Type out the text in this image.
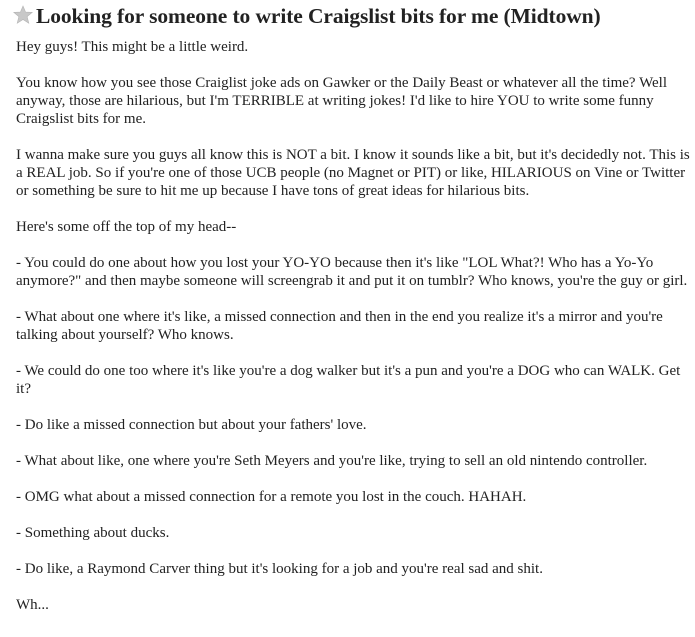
Looking for someone to write Craigslist bits for me (Midtown)

Hey guys! This might be a little weird.

You know how you see those Craiglist joke ads on Gawker or the Daily Beast or whatever all the time? Well anyway, those are hilarious, but I'm TERRIBLE at writing jokes! I'd like to hire YOU to write some funny Craigslist bits for me.

I wanna make sure you guys all know this is NOT a bit. I know it sounds like a bit, but it's decidedly not. This is a REAL job. So if you're one of those UCB people (no Magnet or PIT) or like, HILARIOUS on Vine or Twitter or something be sure to hit me up because I have tons of great ideas for hilarious bits.

Here's some off the top of my head--

- You could do one about how you lost your YO-YO because then it's like "LOL What?! Who has a Yo-Yo anymore?" and then maybe someone will screengrab it and put it on tumblr? Who knows, you're the guy or girl.

- What about one where it's like, a missed connection and then in the end you realize it's a mirror and you're talking about yourself? Who knows.

- We could do one too where it's like you're a dog walker but it's a pun and you're a DOG who can WALK. Get it?

- Do like a missed connection but about your fathers' love.

- What about like, one where you're Seth Meyers and you're like, trying to sell an old nintendo controller.

- OMG what about a missed connection for a remote you lost in the couch. HAHAH.

- Something about ducks.

- Do like, a Raymond Carver thing but it's looking for a job and you're real sad and shit.

Wh...
